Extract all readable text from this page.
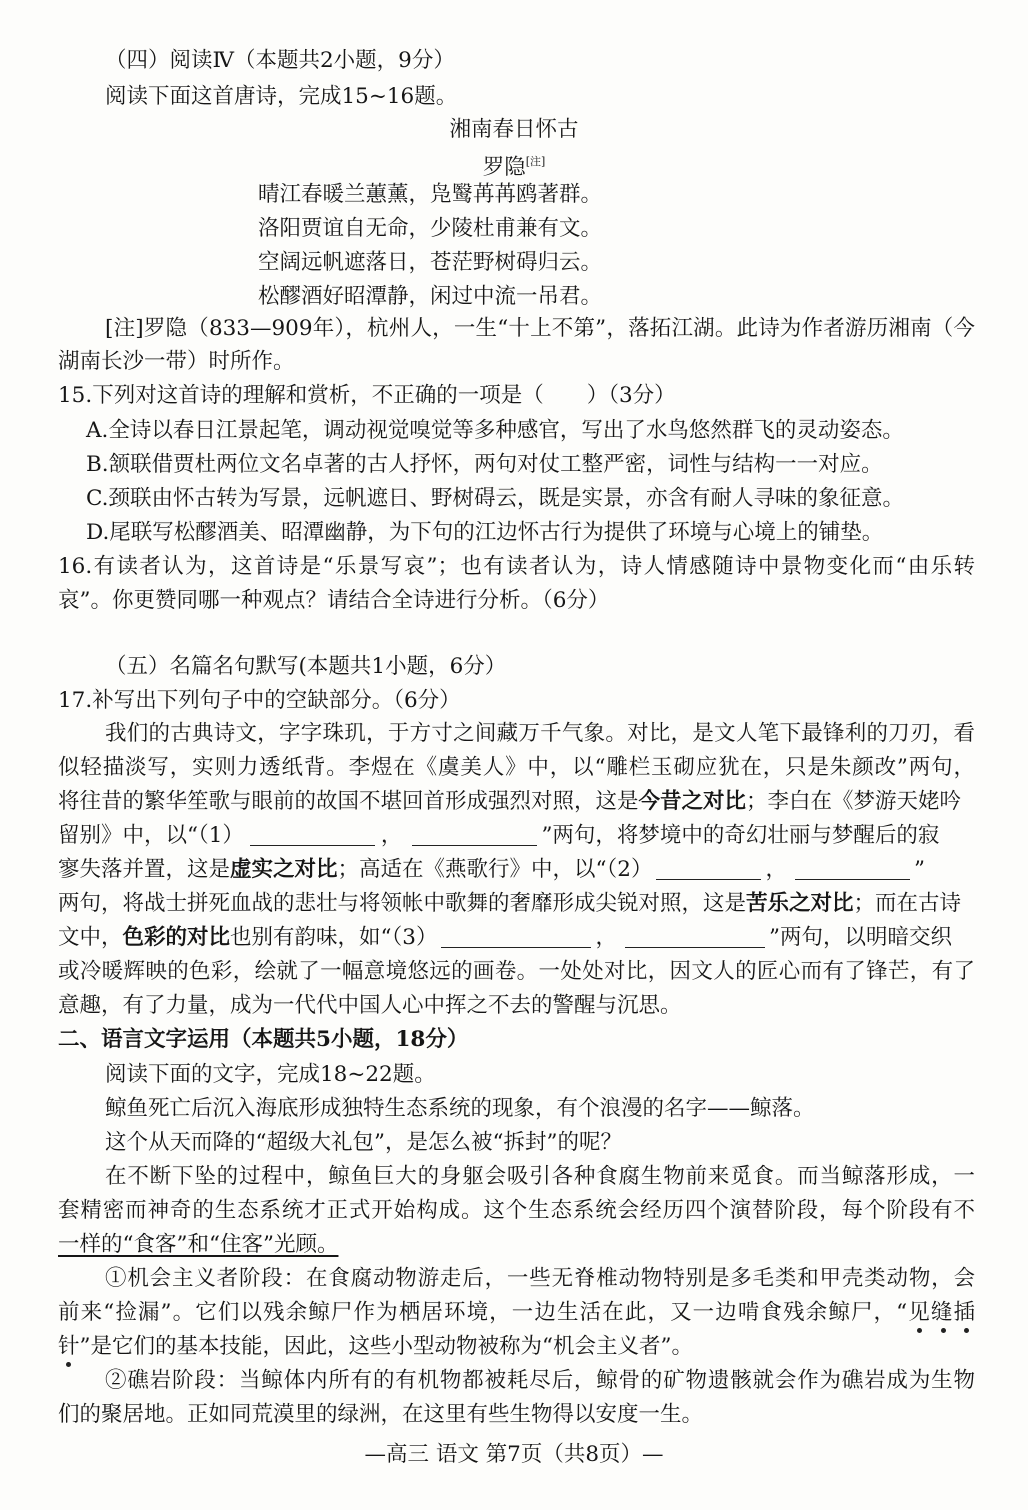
（四）阅读Ⅳ（本题共2小题，9分）
阅读下面这首唐诗，完成15~16题。
湘南春日怀古
罗隐[注]
晴江春暖兰蕙薰，凫鹥苒苒鸥著群。
洛阳贾谊自无命，少陵杜甫兼有文。
空阔远帆遮落日，苍茫野树碍归云。
松醪酒好昭潭静，闲过中流一吊君。
[注]罗隐（833—909年），杭州人，一生“十上不第”，落拓江湖。此诗为作者游历湘南（今
湖南长沙一带）时所作。
15.下列对这首诗的理解和赏析，不正确的一项是（　　）（3分）
A.全诗以春日江景起笔，调动视觉嗅觉等多种感官，写出了水鸟悠然群飞的灵动姿态。
B.颔联借贾杜两位文名卓著的古人抒怀，两句对仗工整严密，词性与结构一一对应。
C.颈联由怀古转为写景，远帆遮日、野树碍云，既是实景，亦含有耐人寻味的象征意。
D.尾联写松醪酒美、昭潭幽静，为下句的江边怀古行为提供了环境与心境上的铺垫。
16.有读者认为，这首诗是“乐景写哀”；也有读者认为，诗人情感随诗中景物变化而“由乐转
哀”。你更赞同哪一种观点？请结合全诗进行分析。（6分）
（五）名篇名句默写(本题共1小题，6分）
17.补写出下列句子中的空缺部分。（6分）
我们的古典诗文，字字珠玑，于方寸之间藏万千气象。对比，是文人笔下最锋利的刀刃，看
似轻描淡写，实则力透纸背。李煜在《虞美人》中，以“雕栏玉砌应犹在，只是朱颜改”两句，
将往昔的繁华笙歌与眼前的故国不堪回首形成强烈对照，这是今昔之对比；李白在《梦游天姥吟
留别》中，以“（1）	，	”两句，将梦境中的奇幻壮丽与梦醒后的寂
寥失落并置，这是虚实之对比；高适在《燕歌行》中，以“（2）	，	”
两句，将战士拼死血战的悲壮与将领帐中歌舞的奢靡形成尖锐对照，这是苦乐之对比；而在古诗
文中，色彩的对比也别有韵味，如“（3）	，	”两句，以明暗交织
或冷暖辉映的色彩，绘就了一幅意境悠远的画卷。一处处对比，因文人的匠心而有了锋芒，有了
意趣，有了力量，成为一代代中国人心中挥之不去的警醒与沉思。
二、语言文字运用（本题共5小题，18分）
阅读下面的文字，完成18~22题。
鲸鱼死亡后沉入海底形成独特生态系统的现象，有个浪漫的名字——鲸落。
这个从天而降的“超级大礼包”，是怎么被“拆封”的呢？
在不断下坠的过程中，鲸鱼巨大的身躯会吸引各种食腐生物前来觅食。而当鲸落形成，一
套精密而神奇的生态系统才正式开始构成。这个生态系统会经历四个演替阶段，每个阶段有不
一样的“食客”和“住客”光顾。
①机会主义者阶段：在食腐动物游走后，一些无脊椎动物特别是多毛类和甲壳类动物，会
前来“捡漏”。它们以残余鲸尸作为栖居环境，一边生活在此，又一边啃食残余鲸尸，“见缝插
针”是它们的基本技能，因此，这些小型动物被称为“机会主义者”。
②礁岩阶段：当鲸体内所有的有机物都被耗尽后，鲸骨的矿物遗骸就会作为礁岩成为生物
们的聚居地。正如同荒漠里的绿洲，在这里有些生物得以安度一生。
—高三 语文 第7页（共8页）—
